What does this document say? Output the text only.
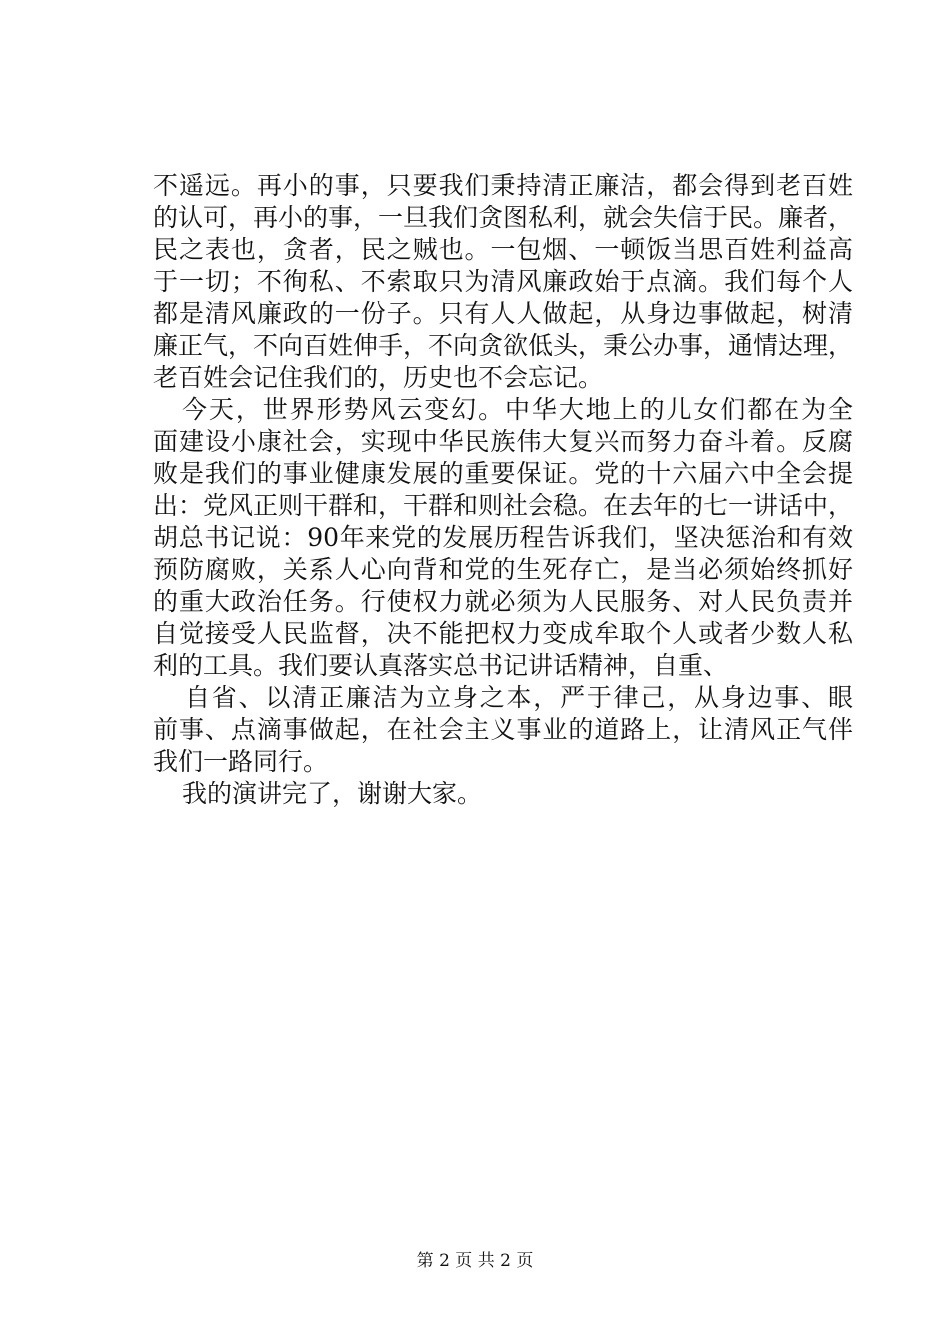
不遥远。再小的事，只要我们秉持清正廉洁，都会得到老百姓
的认可，再小的事，一旦我们贪图私利，就会失信于民。廉者，
民之表也，贪者，民之贼也。一包烟、一顿饭当思百姓利益高
于一切；不徇私、不索取只为清风廉政始于点滴。我们每个人
都是清风廉政的一份子。只有人人做起，从身边事做起，树清
廉正气，不向百姓伸手，不向贪欲低头，秉公办事，通情达理，
老百姓会记住我们的，历史也不会忘记。
今天，世界形势风云变幻。中华大地上的儿女们都在为全
面建设小康社会，实现中华民族伟大复兴而努力奋斗着。反腐
败是我们的事业健康发展的重要保证。党的十六届六中全会提
出：党风正则干群和，干群和则社会稳。在去年的七一讲话中，
胡总书记说：90年来党的发展历程告诉我们，坚决惩治和有效
预防腐败，关系人心向背和党的生死存亡，是当必须始终抓好
的重大政治任务。行使权力就必须为人民服务、对人民负责并
自觉接受人民监督，决不能把权力变成牟取个人或者少数人私
利的工具。我们要认真落实总书记讲话精神，自重、
自省、以清正廉洁为立身之本，严于律己，从身边事、眼
前事、点滴事做起，在社会主义事业的道路上，让清风正气伴
我们一路同行。
我的演讲完了，谢谢大家。
第 2 页 共 2 页
